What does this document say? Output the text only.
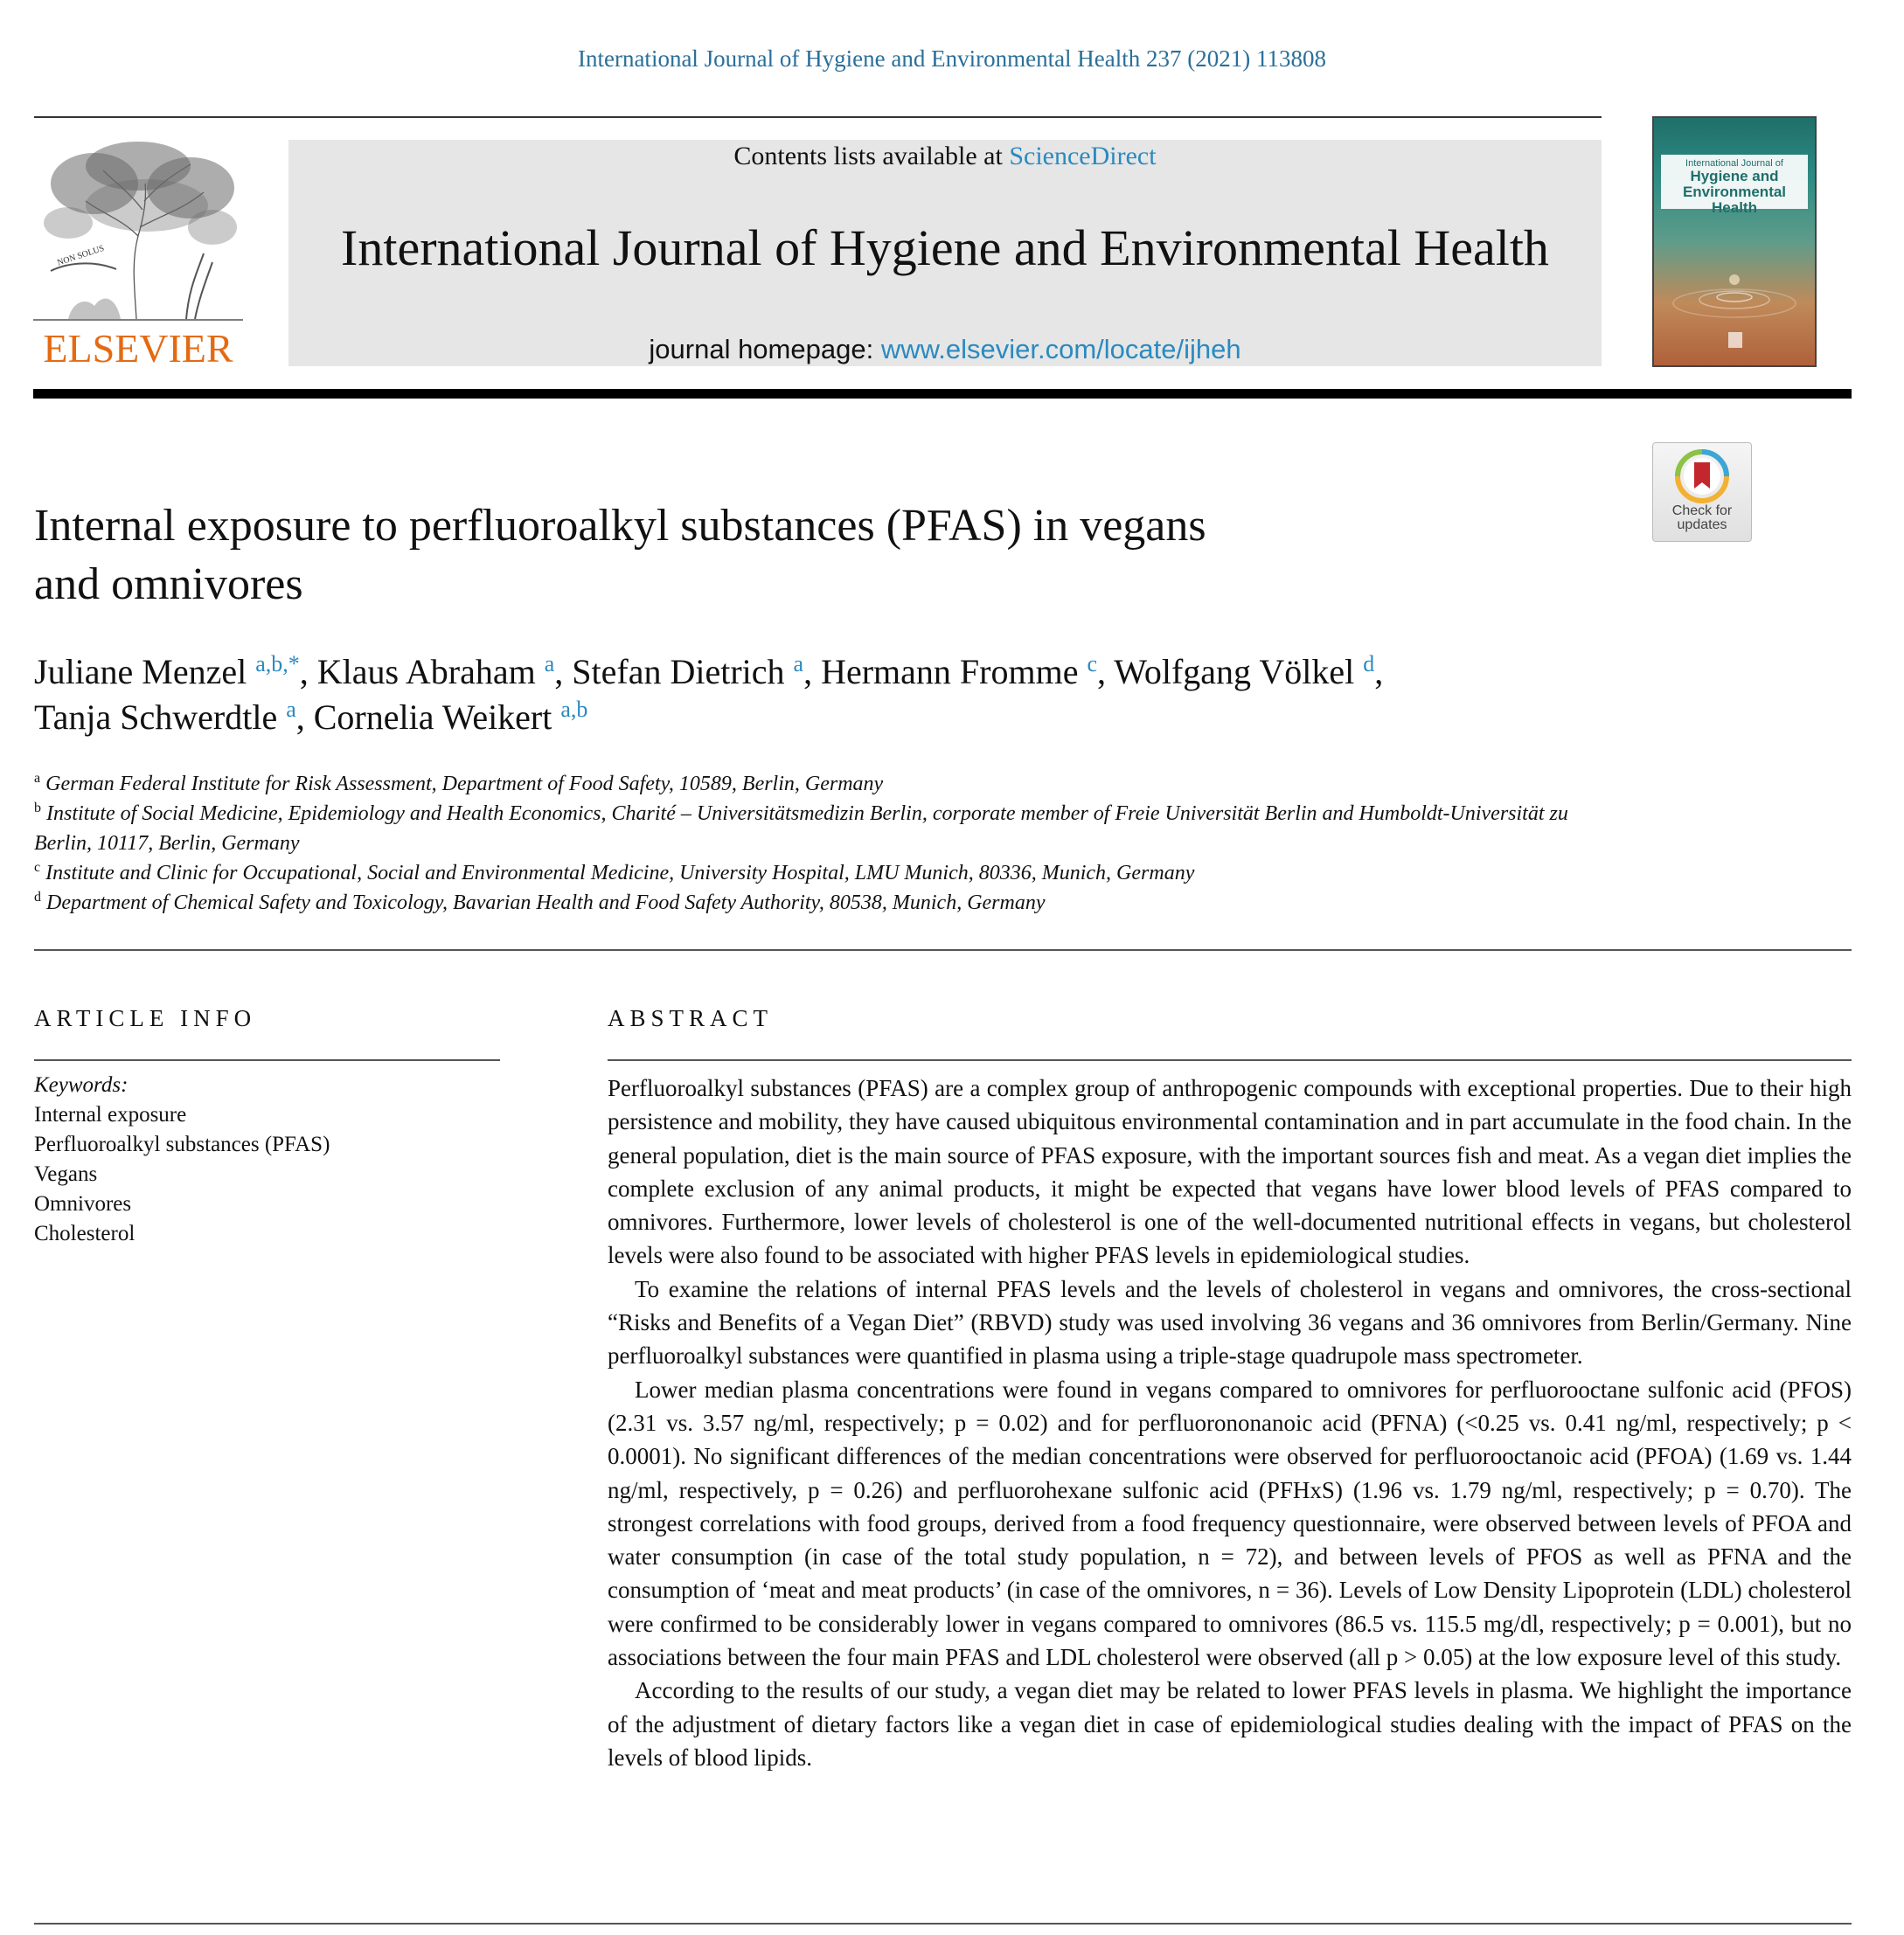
International Journal of Hygiene and Environmental Health 237 (2021) 113808
NON SOLUS
ELSEVIER
Contents lists available at ScienceDirect
International Journal of Hygiene and Environmental Health
journal homepage: www.elsevier.com/locate/ijheh
International Journal of
Hygiene and
Environmental Health
Check for
updates
Internal exposure to perfluoroalkyl substances (PFAS) in vegans
and omnivores
Juliane Menzel $^{a,b,*}$, Klaus Abraham $^a$, Stefan Dietrich $^a$, Hermann Fromme $^c$, Wolfgang Völkel $^d$,
Tanja Schwerdtle $^a$, Cornelia Weikert $^{a,b}$
$^a$ German Federal Institute for Risk Assessment, Department of Food Safety, 10589, Berlin, Germany
$^b$ Institute of Social Medicine, Epidemiology and Health Economics, Charité – Universitätsmedizin Berlin, corporate member of Freie Universität Berlin and Humboldt-Universität zu Berlin, 10117, Berlin, Germany
$^c$ Institute and Clinic for Occupational, Social and Environmental Medicine, University Hospital, LMU Munich, 80336, Munich, Germany
$^d$ Department of Chemical Safety and Toxicology, Bavarian Health and Food Safety Authority, 80538, Munich, Germany
ARTICLE INFO
Keywords:
Internal exposure
Perfluoroalkyl substances (PFAS)
Vegans
Omnivores
Cholesterol
ABSTRACT

Perfluoroalkyl substances (PFAS) are a complex group of anthropogenic compounds with exceptional properties. Due to their high persistence and mobility, they have caused ubiquitous environmental contamination and in part accumulate in the food chain. In the general population, diet is the main source of PFAS exposure, with the important sources fish and meat. As a vegan diet implies the complete exclusion of any animal products, it might be expected that vegans have lower blood levels of PFAS compared to omnivores. Furthermore, lower levels of cholesterol is one of the well-documented nutritional effects in vegans, but cholesterol levels were also found to be associated with higher PFAS levels in epidemiological studies.

To examine the relations of internal PFAS levels and the levels of cholesterol in vegans and omnivores, the cross-sectional “Risks and Benefits of a Vegan Diet” (RBVD) study was used involving 36 vegans and 36 omnivores from Berlin/Germany. Nine perfluoroalkyl substances were quantified in plasma using a triple-stage quadrupole mass spectrometer.

Lower median plasma concentrations were found in vegans compared to omnivores for perfluorooctane sulfonic acid (PFOS) (2.31 vs. 3.57 ng/ml, respectively; p = 0.02) and for perfluorononanoic acid (PFNA) (<0.25 vs. 0.41 ng/ml, respectively; p < 0.0001). No significant differences of the median concentrations were observed for perfluorooctanoic acid (PFOA) (1.69 vs. 1.44 ng/ml, respectively, p = 0.26) and perfluorohexane sulfonic acid (PFHxS) (1.96 vs. 1.79 ng/ml, respectively; p = 0.70). The strongest correlations with food groups, derived from a food frequency questionnaire, were observed between levels of PFOA and water consumption (in case of the total study population, n = 72), and between levels of PFOS as well as PFNA and the consumption of ‘meat and meat products’ (in case of the omnivores, n = 36). Levels of Low Density Lipoprotein (LDL) cholesterol were confirmed to be considerably lower in vegans compared to omnivores (86.5 vs. 115.5 mg/dl, respectively; p = 0.001), but no associations between the four main PFAS and LDL cholesterol were observed (all p > 0.05) at the low exposure level of this study.

According to the results of our study, a vegan diet may be related to lower PFAS levels in plasma. We highlight the importance of the adjustment of dietary factors like a vegan diet in case of epidemiological studies dealing with the impact of PFAS on the levels of blood lipids.
